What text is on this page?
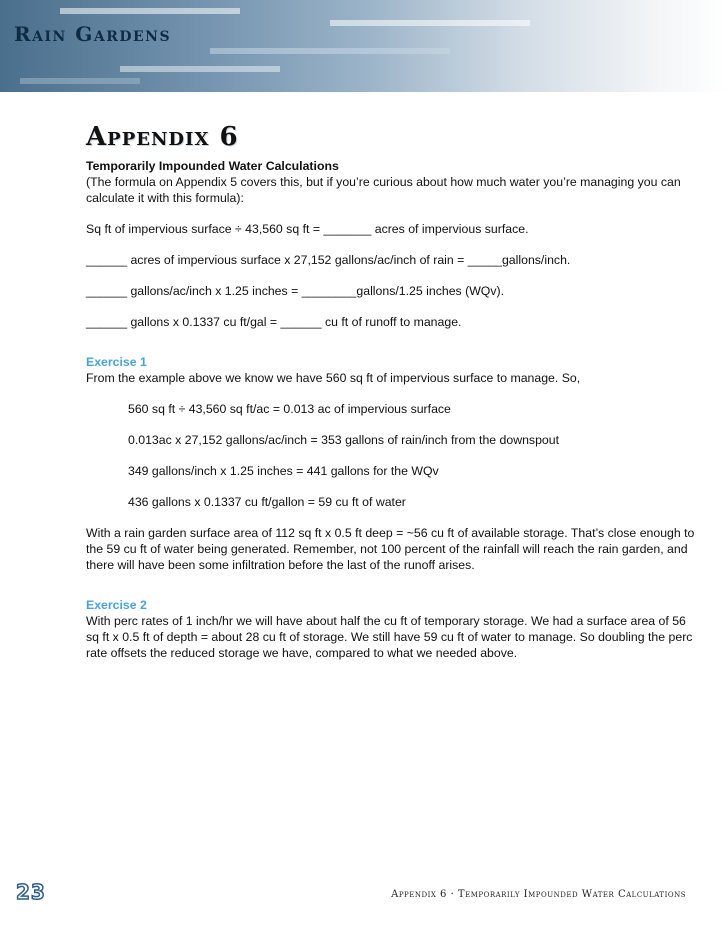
Rain Gardens
Appendix 6

Temporarily Impounded Water Calculations

(The formula on Appendix 5 covers this, but if you’re curious about how much water you’re managing you can calculate it with this formula):

Sq ft of impervious surface ÷ 43,560 sq ft = _______ acres of impervious surface.

______ acres of impervious surface x 27,152 gallons/ac/inch of rain = _____gallons/inch.

______ gallons/ac/inch x 1.25 inches = ________gallons/1.25 inches (WQv).

______ gallons x 0.1337 cu ft/gal = ______ cu ft of runoff to manage.

Exercise 1

From the example above we know we have 560 sq ft of impervious surface to manage. So,

560 sq ft ÷ 43,560 sq ft/ac = 0.013 ac of impervious surface

0.013ac x 27,152 gallons/ac/inch = 353 gallons of rain/inch from the downspout

349 gallons/inch x 1.25 inches = 441 gallons for the WQv

436 gallons x 0.1337 cu ft/gallon = 59 cu ft of water

With a rain garden surface area of 112 sq ft x 0.5 ft deep = ~56 cu ft of available storage. That’s close enough to the 59 cu ft of water being generated. Remember, not 100 percent of the rainfall will reach the rain garden, and there will have been some infiltration before the last of the runoff arises.

Exercise 2

With perc rates of 1 inch/hr we will have about half the cu ft of temporary storage. We had a surface area of 56 sq ft x 0.5 ft of depth = about 28 cu ft of storage. We still have 59 cu ft of water to manage. So doubling the perc rate offsets the reduced storage we have, compared to what we needed above.

23	Appendix 6 · Temporarily Impounded Water Calculations
